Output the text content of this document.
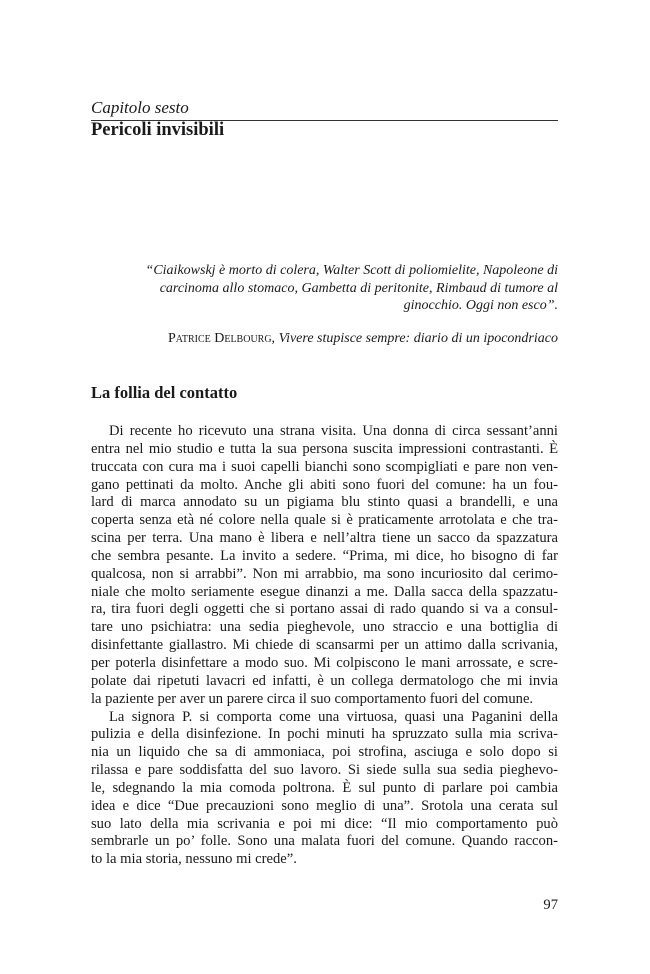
Capitolo sesto
Pericoli invisibili
“Ciaikowskj è morto di colera, Walter Scott di poliomielite, Napoleone di
carcinoma allo stomaco, Gambetta di peritonite, Rimbaud di tumore al
ginocchio. Oggi non esco”.
Patrice Delbourg, Vivere stupisce sempre: diario di un ipocondriaco
La follia del contatto
Di recente ho ricevuto una strana visita. Una donna di circa sessant’anni
entra nel mio studio e tutta la sua persona suscita impressioni contrastanti. È
truccata con cura ma i suoi capelli bianchi sono scompigliati e pare non ven-
gano pettinati da molto. Anche gli abiti sono fuori del comune: ha un fou-
lard di marca annodato su un pigiama blu stinto quasi a brandelli, e una
coperta senza età né colore nella quale si è praticamente arrotolata e che tra-
scina per terra. Una mano è libera e nell’altra tiene un sacco da spazzatura
che sembra pesante. La invito a sedere. “Prima, mi dice, ho bisogno di far
qualcosa, non si arrabbi”. Non mi arrabbio, ma sono incuriosito dal cerimo-
niale che molto seriamente esegue dinanzi a me. Dalla sacca della spazzatu-
ra, tira fuori degli oggetti che si portano assai di rado quando si va a consul-
tare uno psichiatra: una sedia pieghevole, uno straccio e una bottiglia di
disinfettante giallastro. Mi chiede di scansarmi per un attimo dalla scrivania,
per poterla disinfettare a modo suo. Mi colpiscono le mani arrossate, e scre-
polate dai ripetuti lavacri ed infatti, è un collega dermatologo che mi invia
la paziente per aver un parere circa il suo comportamento fuori del comune.
La signora P. si comporta come una virtuosa, quasi una Paganini della
pulizia e della disinfezione. In pochi minuti ha spruzzato sulla mia scriva-
nia un liquido che sa di ammoniaca, poi strofina, asciuga e solo dopo si
rilassa e pare soddisfatta del suo lavoro. Si siede sulla sua sedia pieghevo-
le, sdegnando la mia comoda poltrona. È sul punto di parlare poi cambia
idea e dice “Due precauzioni sono meglio di una”. Srotola una cerata sul
suo lato della mia scrivania e poi mi dice: “Il mio comportamento può
sembrarle un po’ folle. Sono una malata fuori del comune. Quando raccon-
to la mia storia, nessuno mi crede”.
97
